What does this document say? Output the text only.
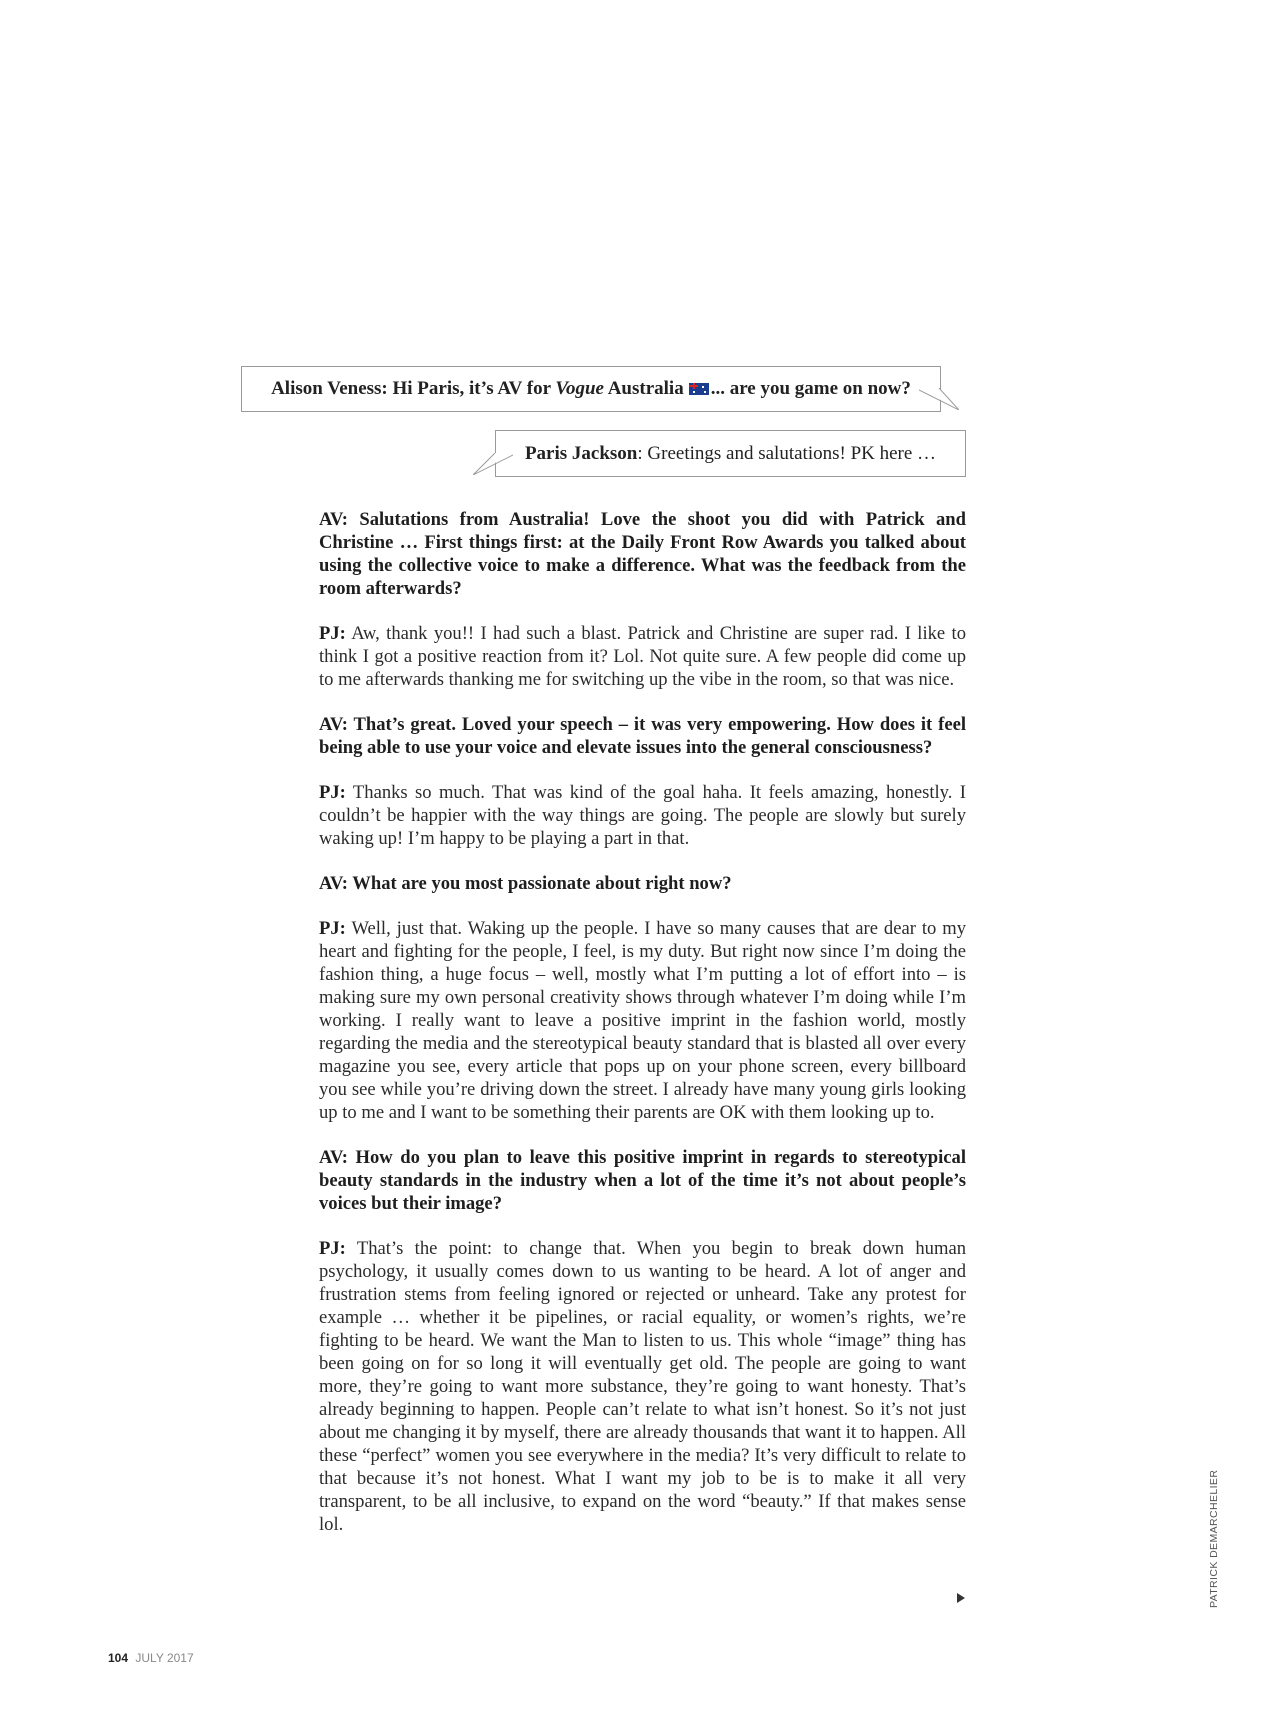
Alison Veness: Hi Paris, it’s AV for Vogue Australia ... are you game on now?
Paris Jackson : Greetings and salutations! PK here …

AV: Salutations from Australia! Love the shoot you did with Patrick and Christine … First things first: at the Daily Front Row Awards you talked about using the collective voice to make a difference. What was the feedback from the room afterwards?

PJ: Aw, thank you!! I had such a blast. Patrick and Christine are super rad. I like to think I got a positive reaction from it? Lol. Not quite sure. A few people did come up to me afterwards thanking me for switching up the vibe in the room, so that was nice.

AV: That’s great. Loved your speech – it was very empowering. How does it feel being able to use your voice and elevate issues into the general consciousness?

PJ: Thanks so much. That was kind of the goal haha. It feels amazing, honestly. I couldn’t be happier with the way things are going. The people are slowly but surely waking up! I’m happy to be playing a part in that.

AV: What are you most passionate about right now?

PJ: Well, just that. Waking up the people. I have so many causes that are dear to my heart and fighting for the people, I feel, is my duty. But right now since I’m doing the fashion thing, a huge focus – well, mostly what I’m putting a lot of effort into – is making sure my own personal creativity shows through whatever I’m doing while I’m working. I really want to leave a positive imprint in the fashion world, mostly regarding the media and the stereotypical beauty standard that is blasted all over every magazine you see, every article that pops up on your phone screen, every billboard you see while you’re driving down the street. I already have many young girls looking up to me and I want to be something their parents are OK with them looking up to.

AV: How do you plan to leave this positive imprint in regards to stereotypical beauty standards in the industry when a lot of the time it’s not about people’s voices but their image?

PJ: That’s the point: to change that. When you begin to break down human psychology, it usually comes down to us wanting to be heard. A lot of anger and frustration stems from feeling ignored or rejected or unheard. Take any protest for example … whether it be pipelines, or racial equality, or women’s rights, we’re fighting to be heard. We want the Man to listen to us. This whole “image” thing has been going on for so long it will eventually get old. The people are going to want more, they’re going to want more substance, they’re going to want honesty. That’s already beginning to happen. People can’t relate to what isn’t honest. So it’s not just about me changing it by myself, there are already thousands that want it to happen. All these “perfect” women you see everywhere in the media? It’s very difficult to relate to that because it’s not honest. What I want my job to be is to make it all very transparent, to be all inclusive, to expand on the word “beauty.” If that makes sense lol.	PATRICK DEMARCHELIER
104 JULY 2017
